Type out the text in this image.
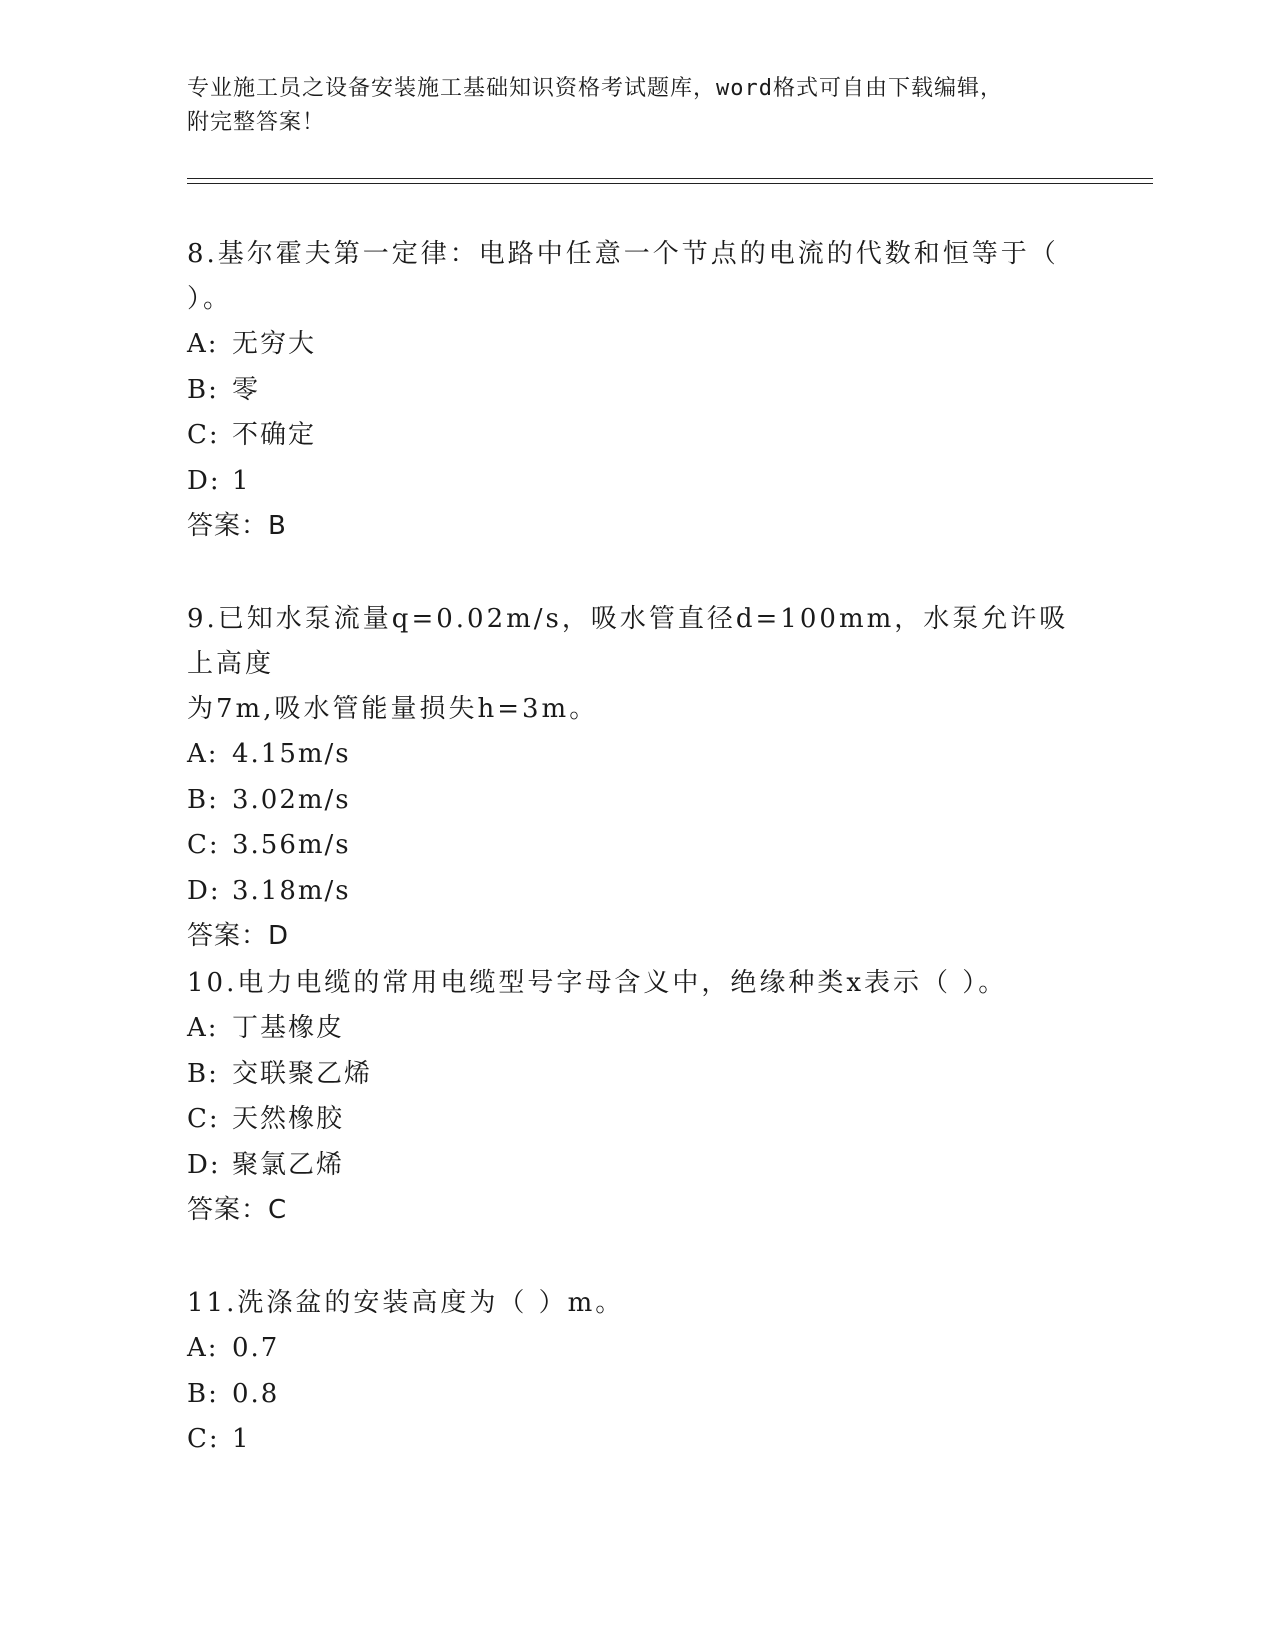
专业施工员之设备安装施工基础知识资格考试题库，word格式可自由下载编辑，
附完整答案！

8.基尔霍夫第一定律：电路中任意一个节点的电流的代数和恒等于（

）。

A: 无穷大

B: 零

C: 不确定

D: 1

答案：B

9.已知水泵流量q=0.02m/s，吸水管直径d=100mm，水泵允许吸上高度

为7m,吸水管能量损失h=3m。

A: 4.15m/s

B: 3.02m/s

C: 3.56m/s

D: 3.18m/s

答案：D

10.电力电缆的常用电缆型号字母含义中，绝缘种类x表示（ ）。

A: 丁基橡皮

B: 交联聚乙烯

C: 天然橡胶

D: 聚氯乙烯

答案：C

11.洗涤盆的安装高度为（ ）m。

A: 0.7

B: 0.8

C: 1
